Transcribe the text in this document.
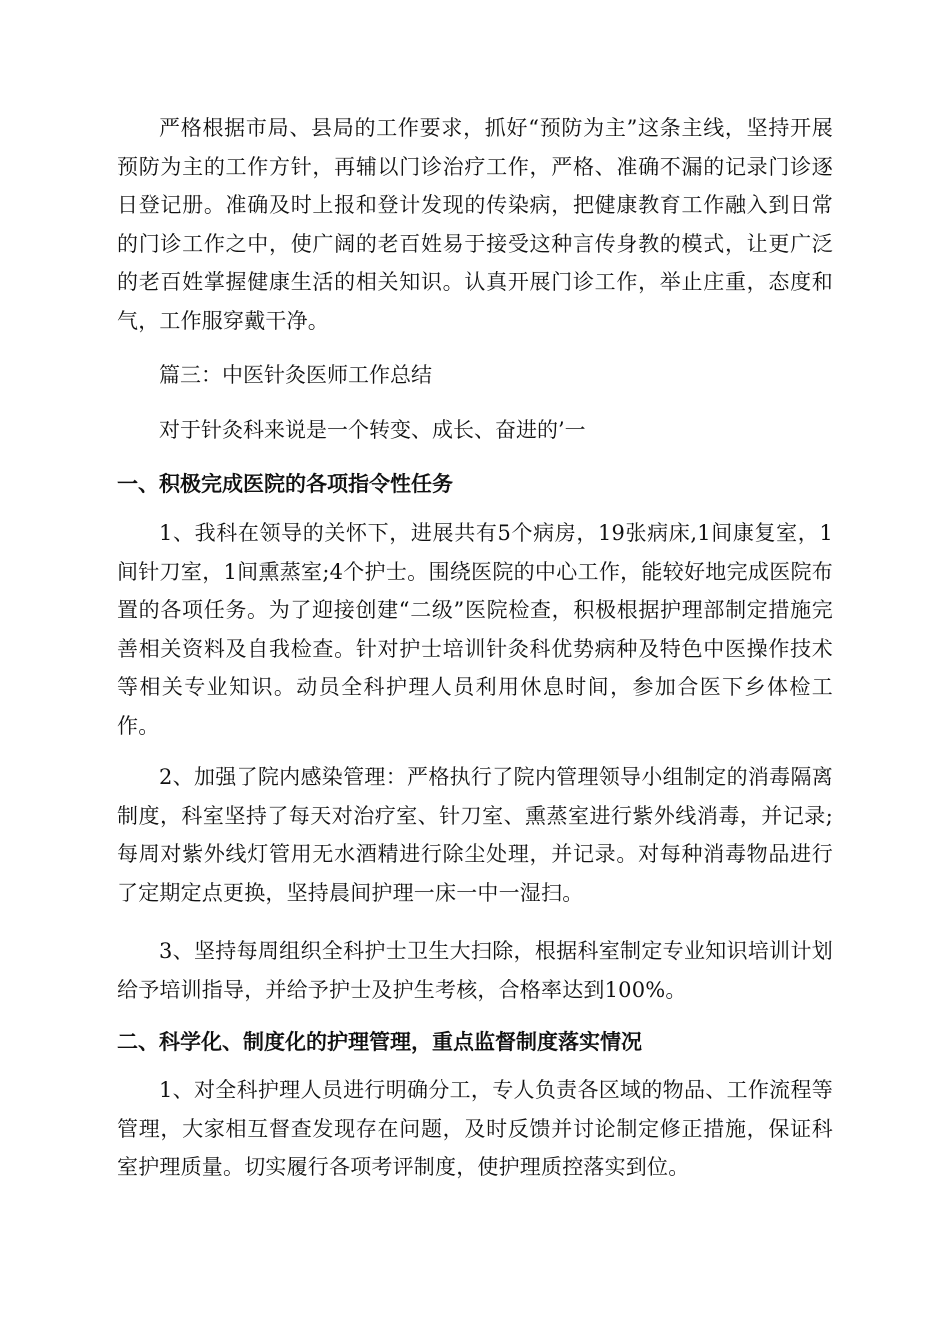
严格根据市局、县局的工作要求，抓好“预防为主”这条主线，坚持开展预防为主的工作方针，再辅以门诊治疗工作，严格、准确不漏的记录门诊逐日登记册。准确及时上报和登计发现的传染病，把健康教育工作融入到日常的门诊工作之中，使广阔的老百姓易于接受这种言传身教的模式，让更广泛的老百姓掌握健康生活的相关知识。认真开展门诊工作，举止庄重，态度和气，工作服穿戴干净。

篇三：中医针灸医师工作总结

对于针灸科来说是一个转变、成长、奋进的’一

一、积极完成医院的各项指令性任务

1、我科在领导的关怀下，进展共有5个病房，19张病床,1间康复室，1间针刀室，1间熏蒸室;4个护士。围绕医院的中心工作，能较好地完成医院布置的各项任务。为了迎接创建“二级”医院检查，积极根据护理部制定措施完善相关资料及自我检查。针对护士培训针灸科优势病种及特色中医操作技术等相关专业知识。动员全科护理人员利用休息时间，参加合医下乡体检工作。

2、加强了院内感染管理：严格执行了院内管理领导小组制定的消毒隔离制度，科室坚持了每天对治疗室、针刀室、熏蒸室进行紫外线消毒，并记录;每周对紫外线灯管用无水酒精进行除尘处理，并记录。对每种消毒物品进行了定期定点更换，坚持晨间护理一床一中一湿扫。

3、坚持每周组织全科护士卫生大扫除，根据科室制定专业知识培训计划给予培训指导，并给予护士及护生考核，合格率达到100%。

二、科学化、制度化的护理管理，重点监督制度落实情况

1、对全科护理人员进行明确分工，专人负责各区域的物品、工作流程等管理，大家相互督查发现存在问题，及时反馈并讨论制定修正措施，保证科室护理质量。切实履行各项考评制度，使护理质控落实到位。
